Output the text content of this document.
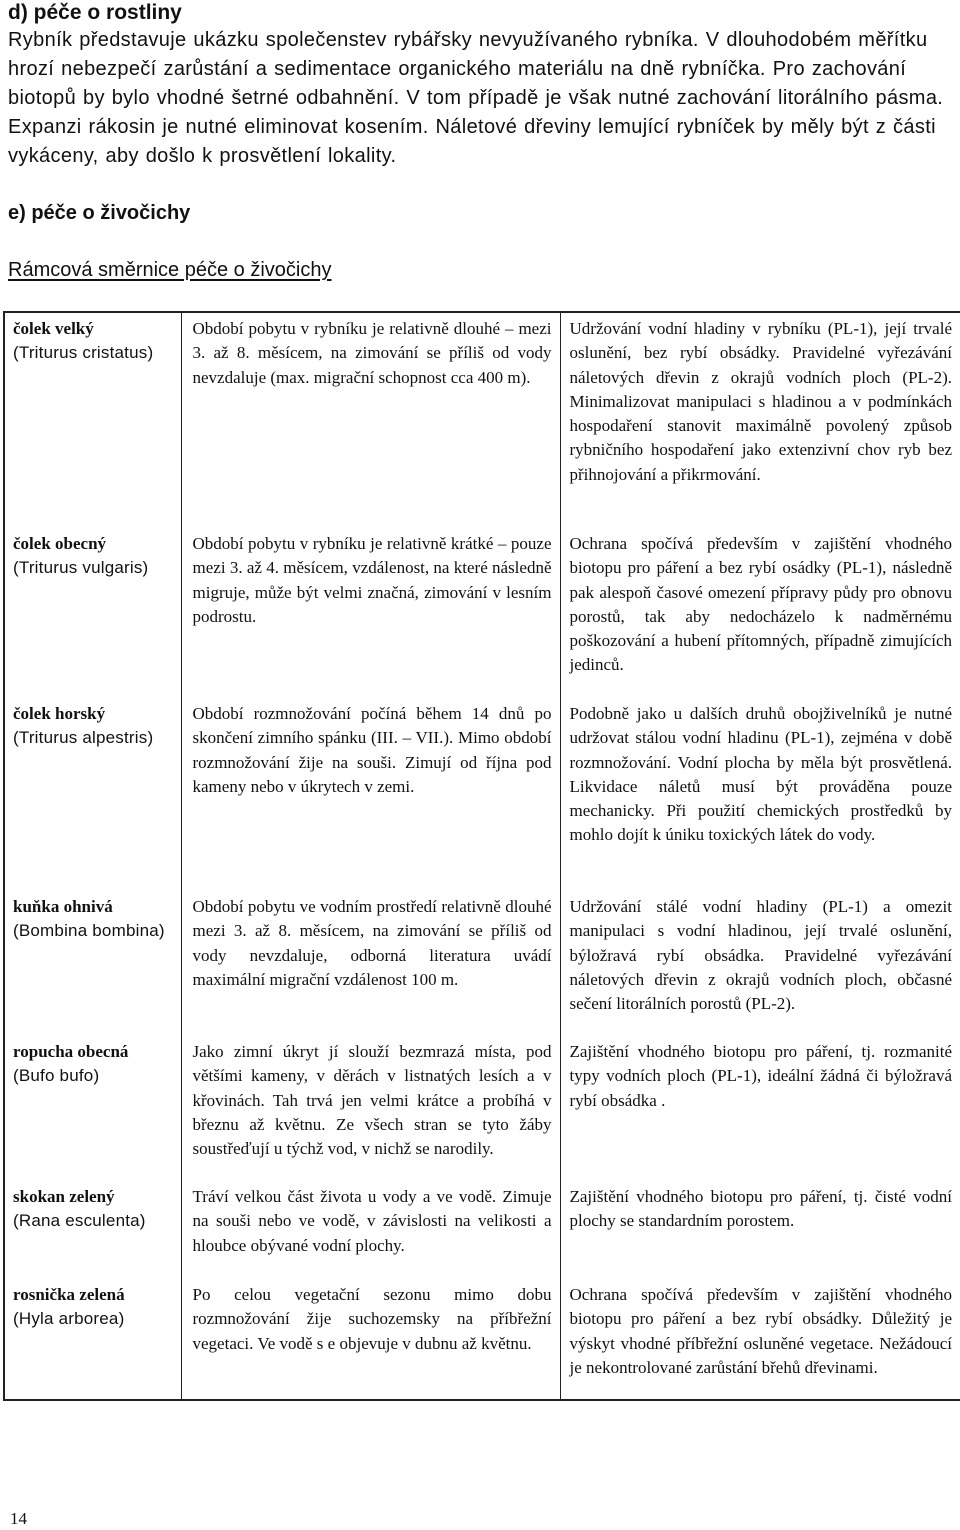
d) péče o rostliny

Rybník představuje ukázku společenstev rybářsky nevyužívaného rybníka. V dlouhodobém měřítku hrozí nebezpečí zarůstání a sedimentace organického materiálu na dně rybníčka. Pro zachování biotopů by bylo vhodné šetrné odbahnění. V tom případě je však nutné zachování litorálního pásma. Expanzi rákosin je nutné eliminovat kosením. Náletové dřeviny lemující rybníček by měly být z části vykáceny, aby došlo k prosvětlení lokality.

e) péče o živočichy
Rámcová směrnice péče o živočichy
čolek velký
(Triturus cristatus)	Období pobytu v rybníku je relativně dlouhé – mezi 3. až 8. měsícem, na zimování se příliš od vody nevzdaluje (max. migrační schopnost cca 400 m).	Udržování vodní hladiny v rybníku (PL-1), její trvalé oslunění, bez rybí obsádky. Pravidelné vyřezávání náletových dřevin z okrajů vodních ploch (PL-2). Minimalizovat manipulaci s hladinou a v podmínkách hospodaření stanovit maximálně povolený způsob rybničního hospodaření jako extenzivní chov ryb bez přihnojování a přikrmování.

čolek obecný
(Triturus vulgaris)	Období pobytu v rybníku je relativně krátké – pouze mezi 3. až 4. měsícem, vzdálenost, na které následně migruje, může být velmi značná, zimování v lesním podrostu.	Ochrana spočívá především v zajištění vhodného biotopu pro páření a bez rybí osádky (PL-1), následně pak alespoň časové omezení přípravy půdy pro obnovu porostů, tak aby nedocházelo k nadměrnému poškozování a hubení přítomných, případně zimujících jedinců.

čolek horský
(Triturus alpestris)	Období rozmnožování počíná během 14 dnů po skončení zimního spánku (III. – VII.). Mimo období rozmnožování žije na souši. Zimují od října pod kameny nebo v úkrytech v zemi.	Podobně jako u dalších druhů obojživelníků je nutné udržovat stálou vodní hladinu (PL-1), zejména v době rozmnožování. Vodní plocha by měla být prosvětlená. Likvidace náletů musí být prováděna pouze mechanicky. Při použití chemických prostředků by mohlo dojít k úniku toxických látek do vody.

kuňka ohnivá
(Bombina bombina)	Období pobytu ve vodním prostředí relativně dlouhé mezi 3. až 8. měsícem, na zimování se příliš od vody nevzdaluje, odborná literatura uvádí maximální migrační vzdálenost 100 m.	Udržování stálé vodní hladiny (PL-1) a omezit manipulaci s vodní hladinou, její trvalé oslunění, býložravá rybí obsádka. Pravidelné vyřezávání náletových dřevin z okrajů vodních ploch, občasné sečení litorálních porostů (PL-2).

ropucha obecná
(Bufo bufo)	Jako zimní úkryt jí slouží bezmrazá místa, pod většími kameny, v děrách v listnatých lesích a v křovinách. Tah trvá jen velmi krátce a probíhá v březnu až květnu. Ze všech stran se tyto žáby soustřeďují u týchž vod, v nichž se narodily.	Zajištění vhodného biotopu pro páření, tj. rozmanité typy vodních ploch (PL-1), ideální žádná či býložravá rybí obsádka .

skokan zelený
(Rana esculenta)	Tráví velkou část života u vody a ve vodě. Zimuje na souši nebo ve vodě, v závislosti na velikosti a hloubce obývané vodní plochy.	Zajištění vhodného biotopu pro páření, tj. čisté vodní plochy se standardním porostem.

rosnička zelená
(Hyla arborea)	Po celou vegetační sezonu mimo dobu rozmnožování žije suchozemsky na příbřežní vegetaci. Ve vodě s e objevuje v dubnu až květnu.	Ochrana spočívá především v zajištění vhodného biotopu pro páření a bez rybí obsádky. Důležitý je výskyt vhodné příbřežní osluněné vegetace. Nežádoucí je nekontrolované zarůstání břehů dřevinami.
14
